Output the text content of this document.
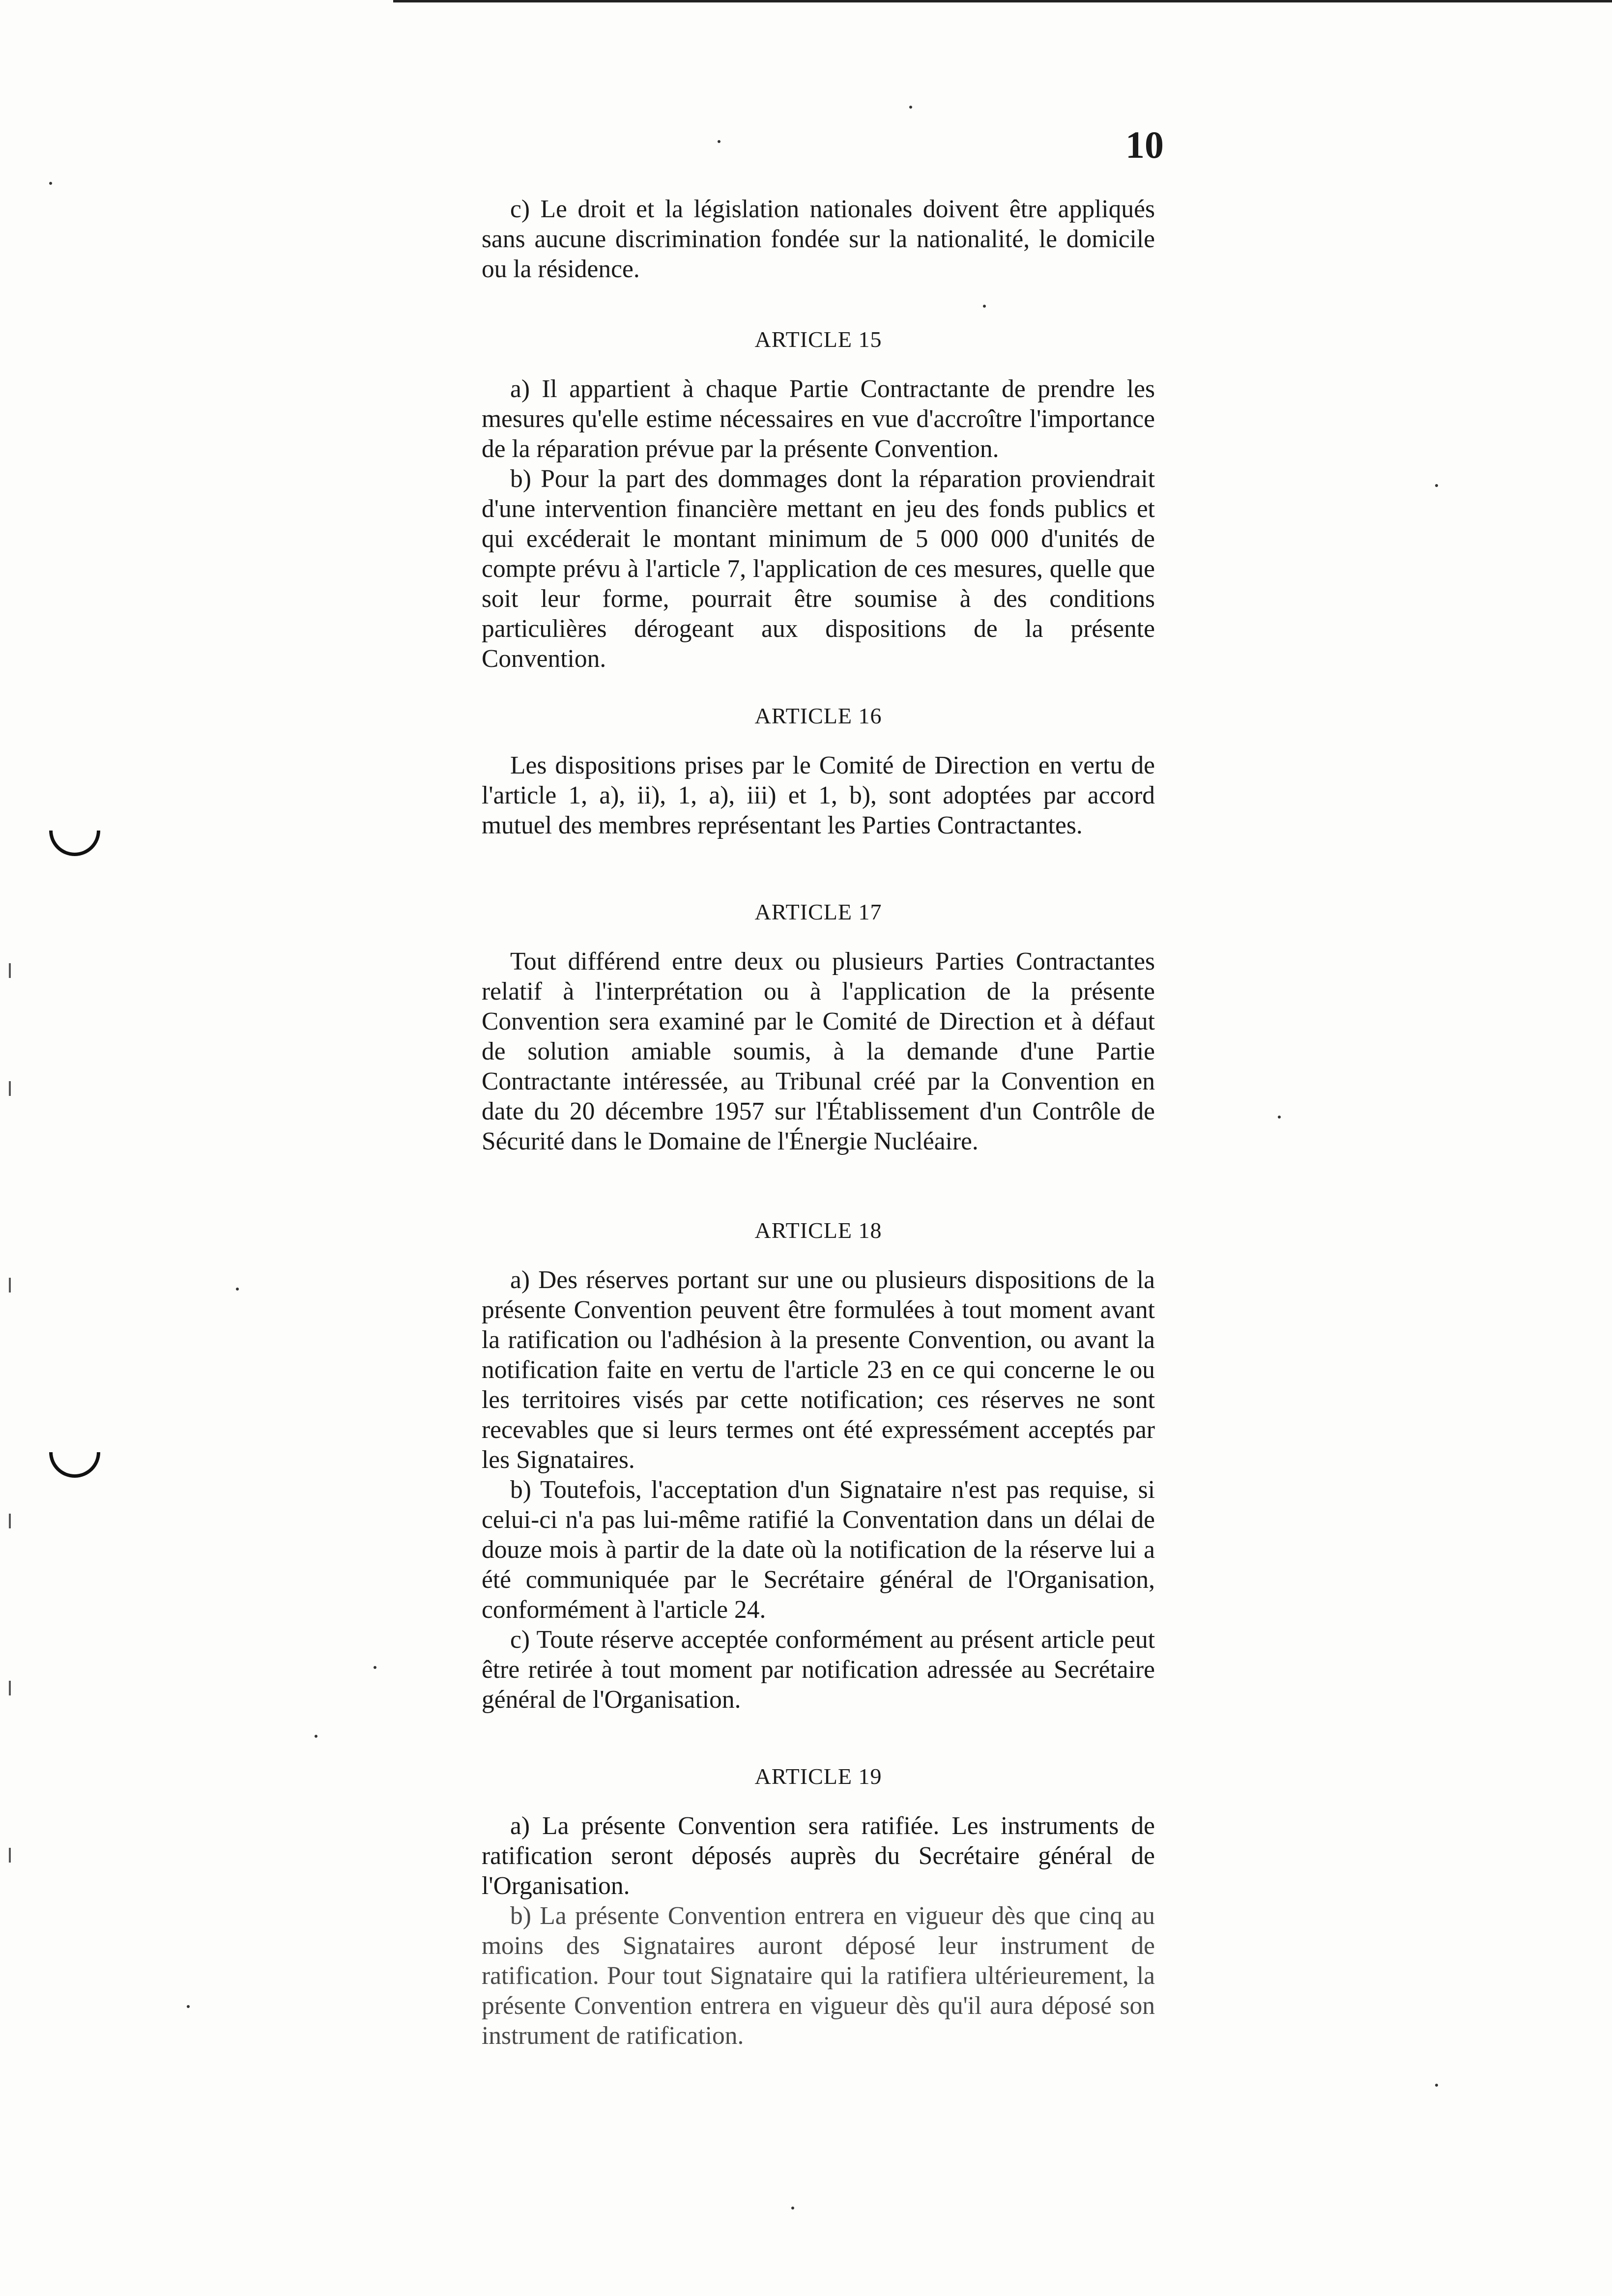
10

c) Le droit et la législation nationales doivent être appliqués sans aucune discrimination fondée sur la nationalité, le domicile ou la résidence.

ARTICLE 15

a) Il appartient à chaque Partie Contractante de prendre les mesures qu'elle estime nécessaires en vue d'accroître l'importance de la réparation prévue par la présente Convention.

b) Pour la part des dommages dont la réparation proviendrait d'une intervention financière mettant en jeu des fonds publics et qui excéderait le montant minimum de 5 000 000 d'unités de compte prévu à l'article 7, l'application de ces mesures, quelle que soit leur forme, pourrait être soumise à des conditions particulières dérogeant aux dispositions de la présente Convention.

ARTICLE 16

Les dispositions prises par le Comité de Direction en vertu de l'article 1, a), ii), 1, a), iii) et 1, b), sont adoptées par accord mutuel des membres représentant les Parties Contractantes.

ARTICLE 17

Tout différend entre deux ou plusieurs Parties Contractantes relatif à l'interprétation ou à l'application de la présente Convention sera examiné par le Comité de Direction et à défaut de solution amiable soumis, à la demande d'une Partie Contractante intéressée, au Tribunal créé par la Convention en date du 20 décembre 1957 sur l'Établissement d'un Contrôle de Sécurité dans le Domaine de l'Énergie Nucléaire.

ARTICLE 18

a) Des réserves portant sur une ou plusieurs dispositions de la présente Convention peuvent être formulées à tout moment avant la ratification ou l'adhésion à la presente Convention, ou avant la notification faite en vertu de l'article 23 en ce qui concerne le ou les territoires visés par cette notification; ces réserves ne sont recevables que si leurs termes ont été expressément acceptés par les Signataires.

b) Toutefois, l'acceptation d'un Signataire n'est pas requise, si celui-ci n'a pas lui-même ratifié la Conventation dans un délai de douze mois à partir de la date où la notification de la réserve lui a été communiquée par le Secrétaire général de l'Organisation, conformément à l'article 24.

c) Toute réserve acceptée conformément au présent article peut être retirée à tout moment par notification adressée au Secrétaire général de l'Organisation.

ARTICLE 19

a) La présente Convention sera ratifiée. Les instruments de ratification seront déposés auprès du Secrétaire général de l'Organisation.

b) La présente Convention entrera en vigueur dès que cinq au moins des Signataires auront déposé leur instrument de ratification. Pour tout Signataire qui la ratifiera ultérieurement, la présente Convention entrera en vigueur dès qu'il aura déposé son instrument de ratification.
